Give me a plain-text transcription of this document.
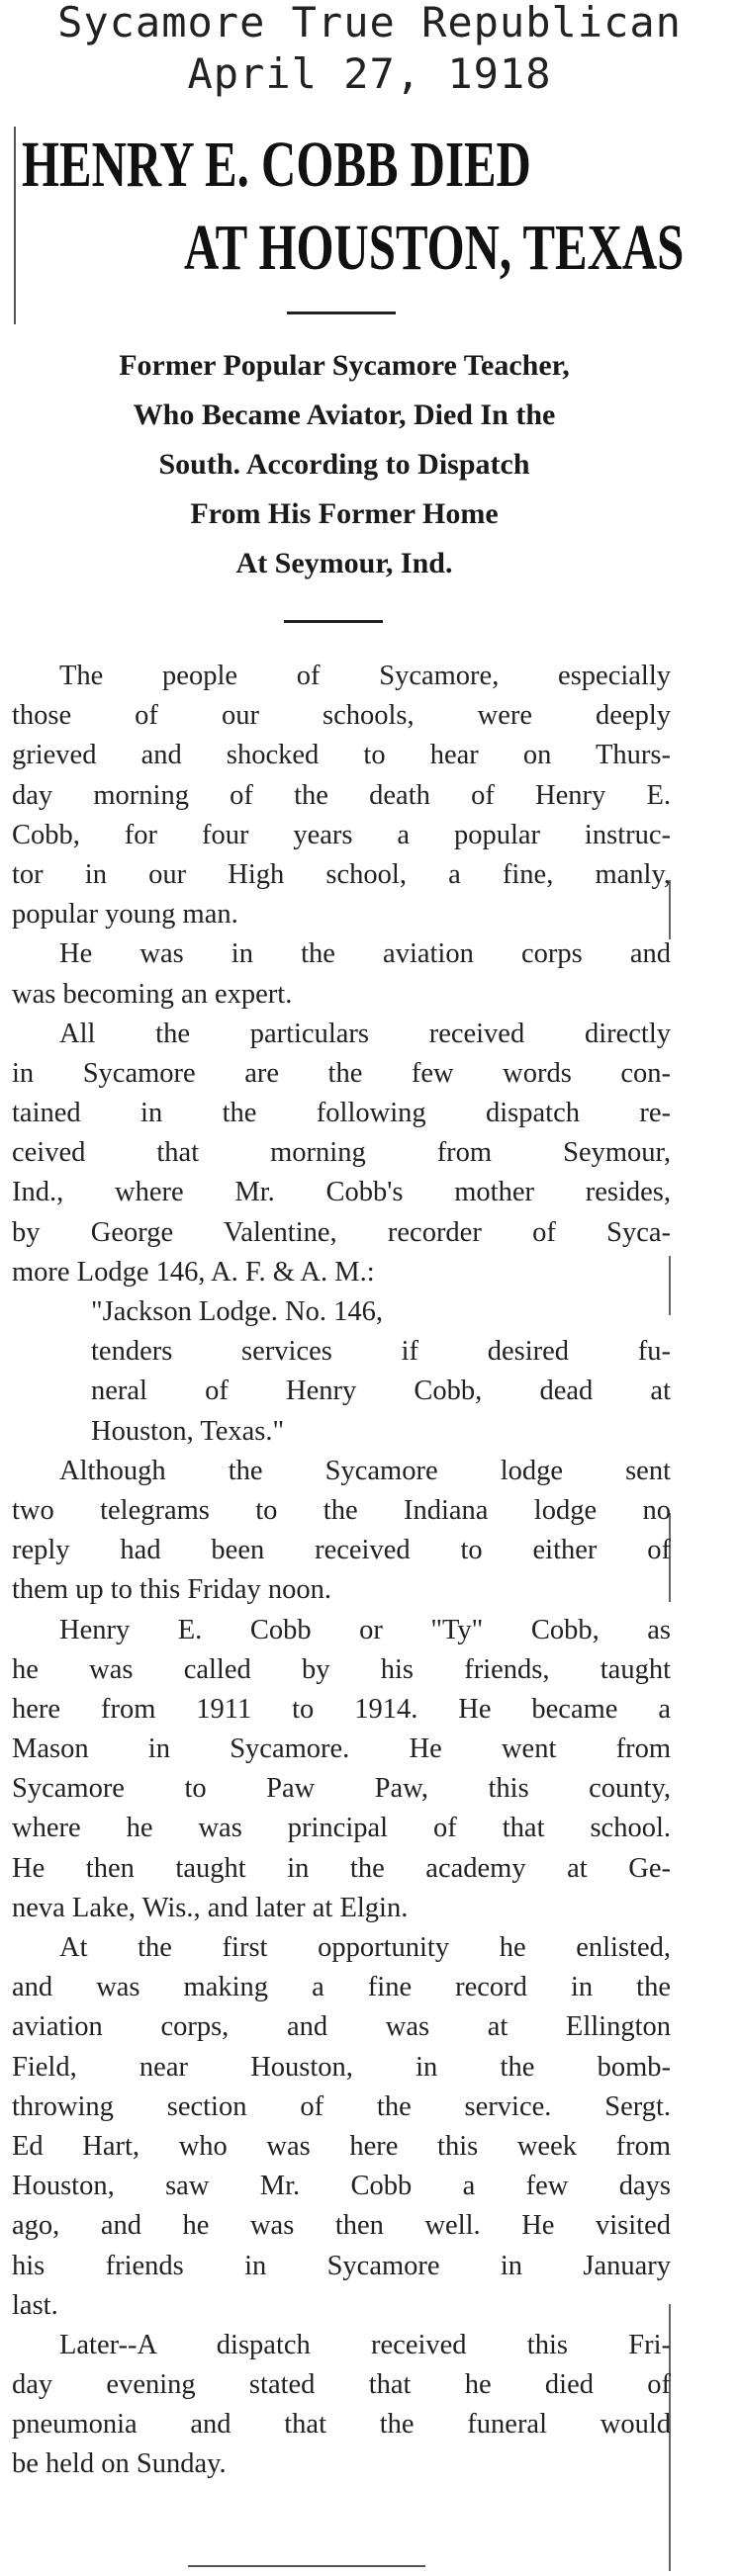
Sycamore True Republican
April 27, 1918
HENRY E. COBB DIED
AT HOUSTON, TEXAS
Former Popular Sycamore Teacher,
Who Became Aviator, Died In the
South. According to Dispatch
From His Former Home
At Seymour, Ind.
The people of Sycamore, especially
those of our schools, were deeply
grieved and shocked to hear on Thurs-
day morning of the death of Henry E.
Cobb, for four years a popular instruc-
tor in our High school, a fine, manly,
popular young man.
He was in the aviation corps and
was becoming an expert.
All the particulars received directly
in Sycamore are the few words con-
tained in the following dispatch re-
ceived that morning from Seymour,
Ind., where Mr. Cobb's mother resides,
by George Valentine, recorder of Syca-
more Lodge 146, A. F. & A. M.:
"Jackson Lodge. No. 146,
tenders services if desired fu-
neral of Henry Cobb, dead at
Houston, Texas."
Although the Sycamore lodge sent
two telegrams to the Indiana lodge no
reply had been received to either of
them up to this Friday noon.
Henry E. Cobb or "Ty" Cobb, as
he was called by his friends, taught
here from 1911 to 1914. He became a
Mason in Sycamore. He went from
Sycamore to Paw Paw, this county,
where he was principal of that school.
He then taught in the academy at Ge-
neva Lake, Wis., and later at Elgin.
At the first opportunity he enlisted,
and was making a fine record in the
aviation corps, and was at Ellington
Field, near Houston, in the bomb-
throwing section of the service. Sergt.
Ed Hart, who was here this week from
Houston, saw Mr. Cobb a few days
ago, and he was then well. He visited
his friends in Sycamore in January
last.
Later--A dispatch received this Fri-
day evening stated that he died of
pneumonia and that the funeral would
be held on Sunday.
